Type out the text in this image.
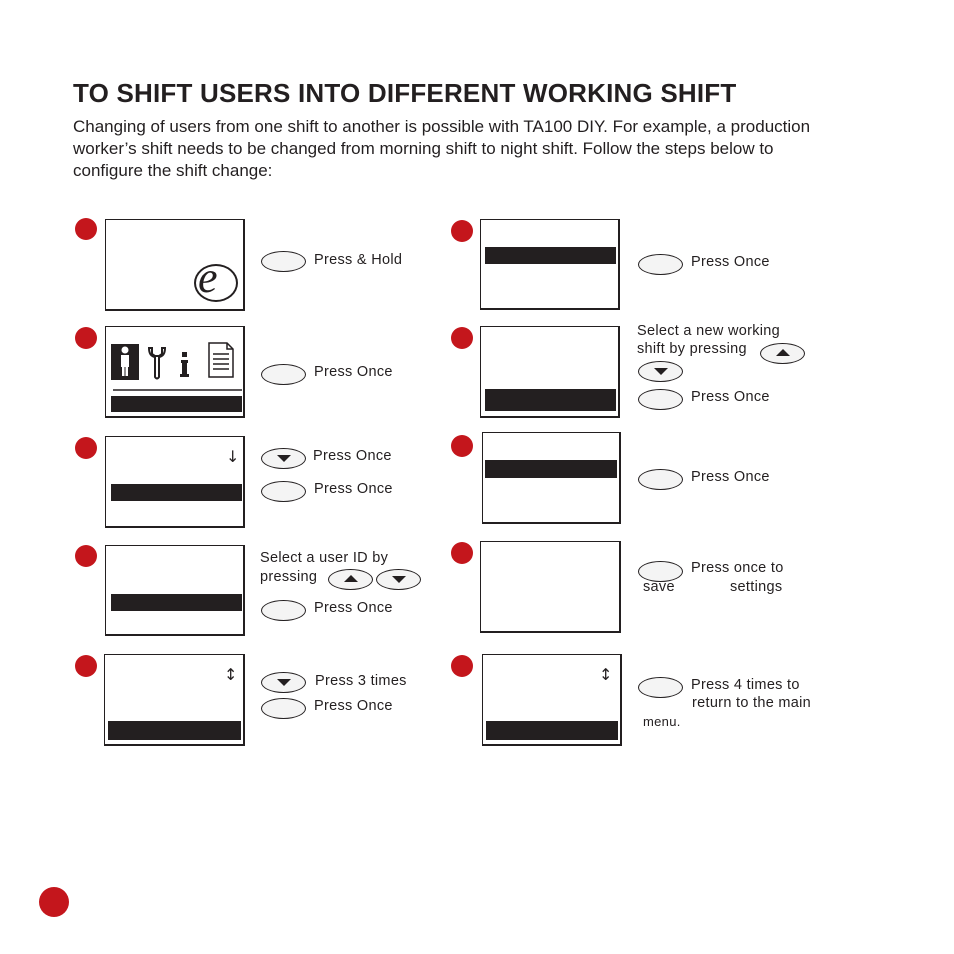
TO SHIFT USERS INTO DIFFERENT WORKING SHIFT
Changing of users from one shift to another is possible with TA100 DIY. For example, a production worker’s shift needs to be changed from morning shift to night shift. Follow the steps below to configure the shift change:
e	Press & Hold
Press Once
↓	Press Once
Press Once
Select a user ID by
pressing
Press Once
↕	Press 3 times
Press Once
Press Once
Select a new working
shift by pressing
Press Once
Press Once
Press once to
save	settings
↕
Press 4 times to
return to the main
menu.
